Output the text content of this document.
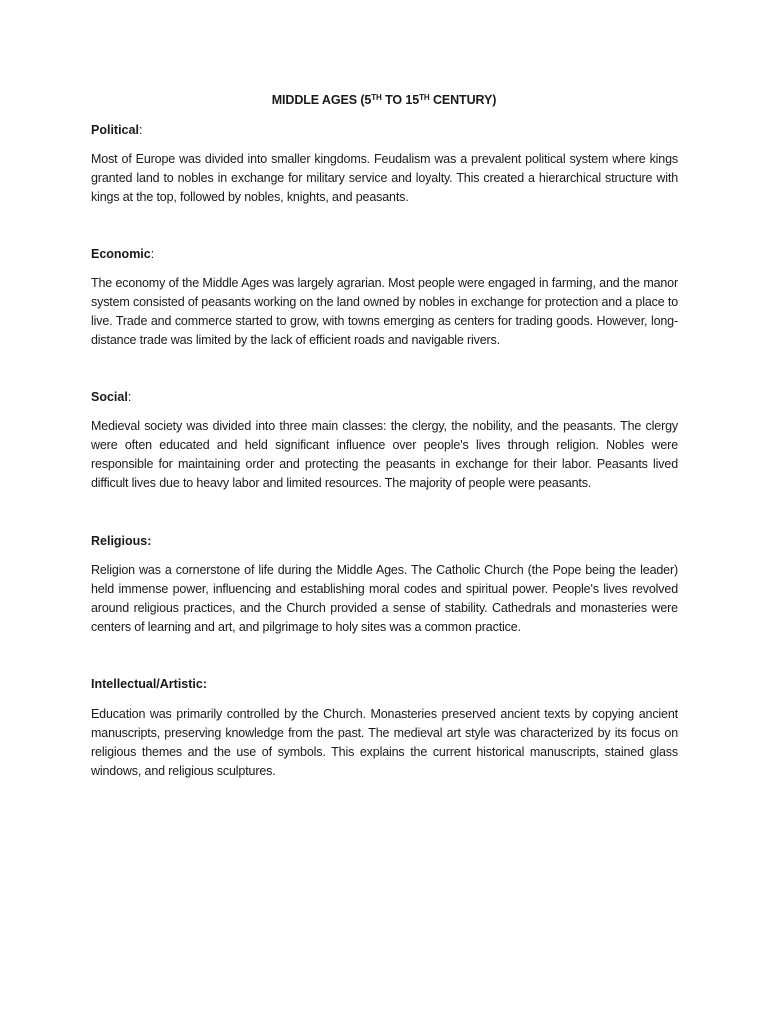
MIDDLE AGES (5TH TO 15TH CENTURY)
Political:
Most of Europe was divided into smaller kingdoms. Feudalism was a prevalent political system where kings granted land to nobles in exchange for military service and loyalty. This created a hierarchical structure with kings at the top, followed by nobles, knights, and peasants.
Economic:
The economy of the Middle Ages was largely agrarian. Most people were engaged in farming, and the manor system consisted of peasants working on the land owned by nobles in exchange for protection and a place to live. Trade and commerce started to grow, with towns emerging as centers for trading goods. However, long-distance trade was limited by the lack of efficient roads and navigable rivers.
Social:
Medieval society was divided into three main classes: the clergy, the nobility, and the peasants. The clergy were often educated and held significant influence over people's lives through religion. Nobles were responsible for maintaining order and protecting the peasants in exchange for their labor. Peasants lived difficult lives due to heavy labor and limited resources. The majority of people were peasants.
Religious:
Religion was a cornerstone of life during the Middle Ages. The Catholic Church (the Pope being the leader) held immense power, influencing and establishing moral codes and spiritual power. People's lives revolved around religious practices, and the Church provided a sense of stability. Cathedrals and monasteries were centers of learning and art, and pilgrimage to holy sites was a common practice.
Intellectual/Artistic:
Education was primarily controlled by the Church. Monasteries preserved ancient texts by copying ancient manuscripts, preserving knowledge from the past. The medieval art style was characterized by its focus on religious themes and the use of symbols. This explains the current historical manuscripts, stained glass windows, and religious sculptures.
